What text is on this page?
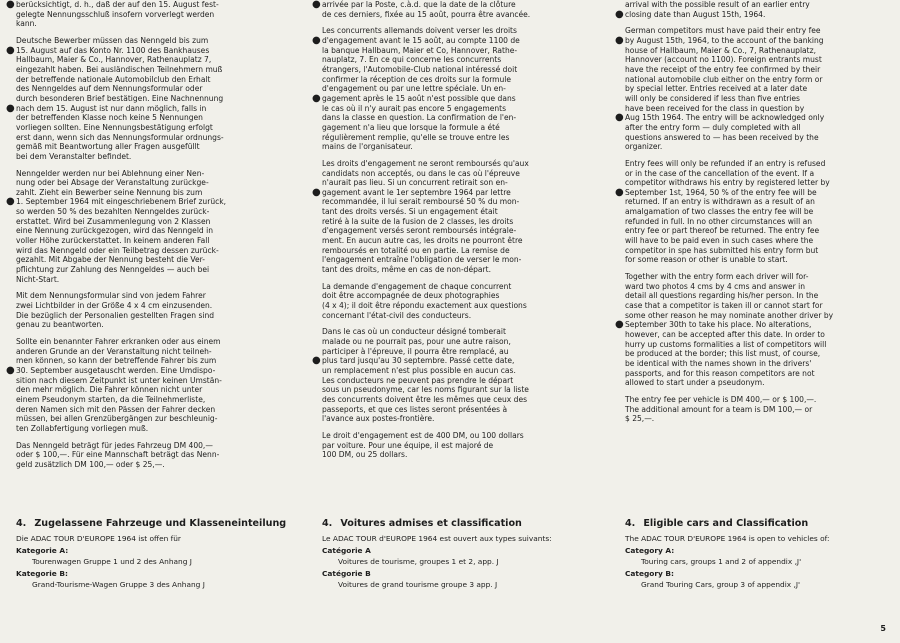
● berücksichtigt, d. h., daß der auf den 15. August fest-
gelegte Nennungsschluß insofern vorverlegt werden
kann.
Deutsche Bewerber müssen das Nenngeld bis zum
● 15. August auf das Konto Nr. 1100 des Bankhauses
Hallbaum, Maier & Co., Hannover, Rathenauplatz 7,
eingezahlt haben. Bei ausländischen Teilnehmern muß
der betreffende nationale Automobilclub den Erhalt
des Nenngeldes auf dem Nennungsformular oder
durch besonderen Brief bestätigen. Eine Nachnennung
● nach dem 15. August ist nur dann möglich, falls in
der betreffenden Klasse noch keine 5 Nennungen
vorliegen sollten. Eine Nennungsbestätigung erfolgt
erst dann, wenn sich das Nennungsformular ordnungs-
gemäß mit Beantwortung aller Fragen ausgefüllt
bei dem Veranstalter befindet.
Nenngelder werden nur bei Ablehnung einer Nen-
nung oder bei Absage der Veranstaltung zurückge-
zahlt. Zieht ein Bewerber seine Nennung bis zum
● 1. September 1964 mit eingeschriebenem Brief zurück,
so werden 50 % des bezahlten Nenngeldes zurück-
erstattet. Wird bei Zusammenlegung von 2 Klassen
eine Nennung zurückgezogen, wird das Nenngeld in
voller Höhe zurückerstattet. In keinem anderen Fall
wird das Nenngeld oder ein Teilbetrag dessen zurück-
gezahlt. Mit Abgabe der Nennung besteht die Ver-
pflichtung zur Zahlung des Nenngeldes — auch bei
Nicht-Start.
Mit dem Nennungsformular sind von jedem Fahrer
zwei Lichtbilder in der Größe 4 x 4 cm einzusenden.
Die bezüglich der Personalien gestellten Fragen sind
genau zu beantworten.
Sollte ein benannter Fahrer erkranken oder aus einem
anderen Grunde an der Veranstaltung nicht teilneh-
men können, so kann der betreffende Fahrer bis zum
● 30. September ausgetauscht werden. Eine Umdispo-
sition nach diesem Zeitpunkt ist unter keinen Umstän-
den mehr möglich. Die Fahrer können nicht unter
einem Pseudonym starten, da die Teilnehmerliste,
deren Namen sich mit den Pässen der Fahrer decken
müssen, bei allen Grenzübergängen zur beschleunig-
ten Zollabfertigung vorliegen muß.
Das Nenngeld beträgt für jedes Fahrzeug DM 400,—
oder $ 100,—. Für eine Mannschaft beträgt das Nenn-
geld zusätzlich DM 100,— oder $ 25,—.
4. Zugelassene Fahrzeuge und Klasseneinteilung
Die ADAC TOUR D'EUROPE 1964 ist offen für
Kategorie A:
Tourenwagen Gruppe 1 und 2 des Anhang J
Kategorie B:
Grand-Tourisme-Wagen Gruppe 3 des Anhang J
● arrivée par la Poste, c.à.d. que la date de la clôture
de ces derniers, fixée au 15 août, pourra être avancée.
Les concurrents allemands doivent verser les droits
● d'engagement avant le 15 août, au compte 1100 de
la banque Hallbaum, Maier et Co, Hannover, Rathe-
nauplatz, 7. En ce qui concerne les concurrents
étrangers, l'Automobile-Club national intéressé doit
confirmer la réception de ces droits sur la formule
d'engagement ou par une lettre spéciale. Un en-
● gagement après le 15 août n'est possible que dans
le cas où il n'y aurait pas encore 5 engagements
dans la classe en question. La confirmation de l'en-
gagement n'a lieu que lorsque la formule a été
régulièrement remplie, qu'elle se trouve entre les
mains de l'organisateur.
Les droits d'engagement ne seront remboursés qu'aux
candidats non acceptés, ou dans le cas où l'épreuve
n'aurait pas lieu. Si un concurrent retirait son en-
● gagement avant le 1er septembre 1964 par lettre
recommandée, il lui serait remboursé 50 % du mon-
tant des droits versés. Si un engagement était
retiré à la suite de la fusion de 2 classes, les droits
d'engagement versés seront remboursés intégrale-
ment. En aucun autre cas, les droits ne pourront être
remboursés en totalité ou en partie. La remise de
l'engagement entraîne l'obligation de verser le mon-
tant des droits, même en cas de non-départ.
La demande d'engagement de chaque concurrent
doit être accompagnée de deux photographies
(4 x 4); il doit être répondu exactement aux questions
concernant l'état-civil des conducteurs.
Dans le cas où un conducteur désigné tomberait
malade ou ne pourrait pas, pour une autre raison,
participer à l'épreuve, il pourra être remplacé, au
● plus tard jusqu'au 30 septembre. Passé cette date,
un remplacement n'est plus possible en aucun cas.
Les conducteurs ne peuvent pas prendre le départ
sous un pseudonyme, car les noms figurant sur la liste
des concurrents doivent être les mêmes que ceux des
passeports, et que ces listes seront présentées à
l'avance aux postes-frontière.
Le droit d'engagement est de 400 DM, ou 100 dollars
par voiture. Pour une équipe, il est majoré de
100 DM, ou 25 dollars.
4. Voitures admises et classification
Le ADAC TOUR d'EUROPE 1964 est ouvert aux types suivants:
Catégorie A
Voitures de tourisme, groupes 1 et 2, app. J
Catégorie B
Voitures de grand tourisme groupe 3 app. J
arrival with the possible result of an earlier entry
● closing date than August 15th, 1964.
German competitors must have paid their entry fee
● by August 15th, 1964, to the account of the banking
house of Hallbaum, Maier & Co., 7, Rathenauplatz,
Hannover (account no 1100). Foreign entrants must
have the receipt of the entry fee confirmed by their
national automobile club either on the entry form or
by special letter. Entries received at a later date
will only be considered if less than five entries
have been received for the class in question by
● Aug 15th 1964. The entry will be acknowledged only
after the entry form — duly completed with all
questions answered to — has been received by the
organizer.
Entry fees will only be refunded if an entry is refused
or in the case of the cancellation of the event. If a
competitor withdraws his entry by registered letter by
● September 1st, 1964, 50 % of the entry fee will be
returned. If an entry is withdrawn as a result of an
amalgamation of two classes the entry fee will be
refunded in full. In no other circumstances will an
entry fee or part thereof be returned. The entry fee
will have to be paid even in such cases where the
competitor in spe has submitted his entry form but
for some reason or other is unable to start.
Together with the entry form each driver will for-
ward two photos 4 cms by 4 cms and answer in
detail all questions regarding his/her person. In the
case that a competitor is taken ill or cannot start for
some other reason he may nominate another driver by
● September 30th to take his place. No alterations,
however, can be accepted after this date. In order to
hurry up customs formalities a list of competitors will
be produced at the border; this list must, of course,
be identical with the names shown in the drivers'
passports, and for this reason competitors are not
allowed to start under a pseudonym.
The entry fee per vehicle is DM 400,— or $ 100,—.
The additional amount for a team is DM 100,— or
$ 25,—.
4. Eligible cars and Classification
The ADAC TOUR D'EUROPE 1964 is open to vehicles of:
Category A:
Touring cars, groups 1 and 2 of appendix ‚J'
Category B:
Grand Touring Cars, group 3 of appendix ‚J'
5
